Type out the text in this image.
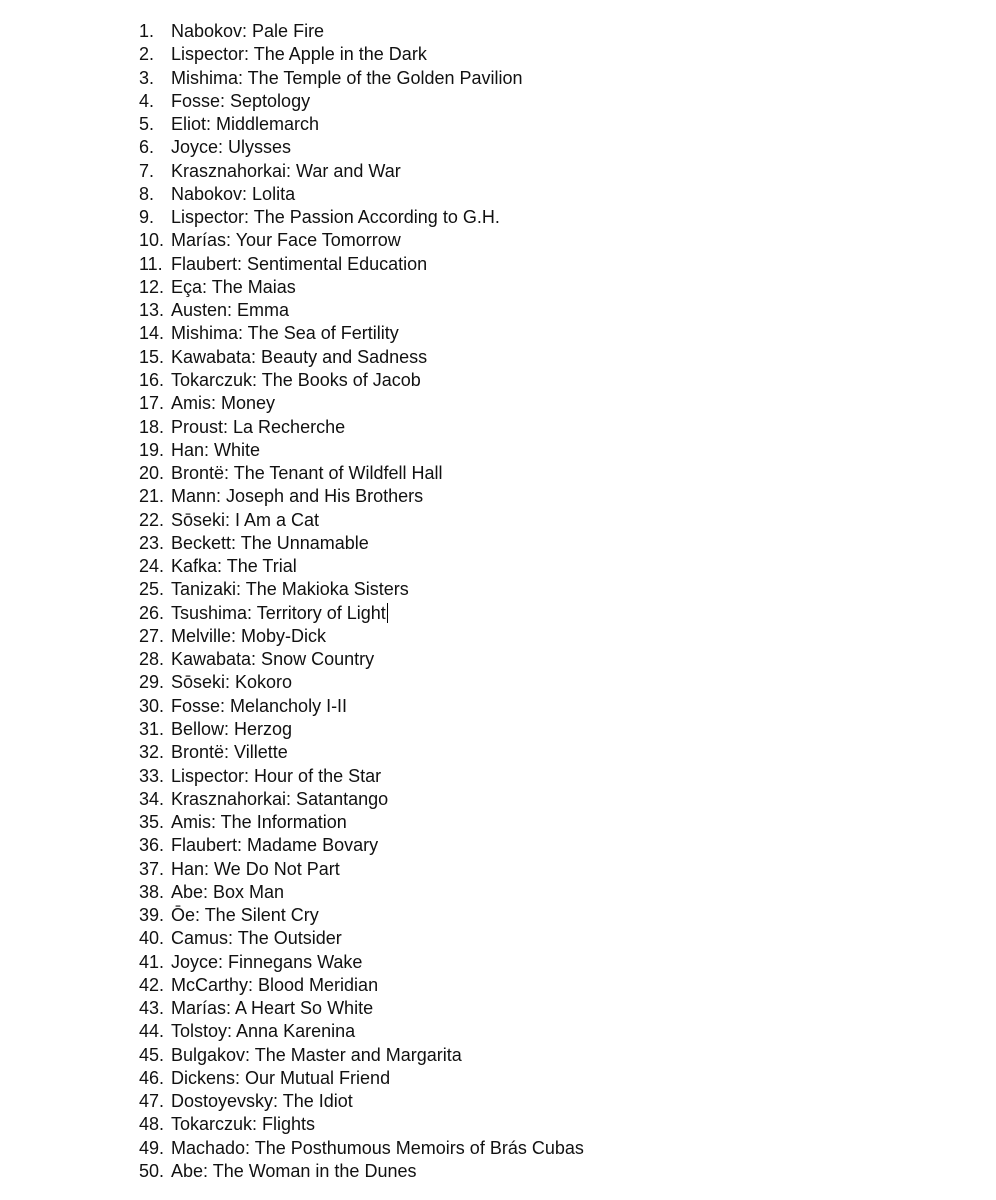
1. Nabokov: Pale Fire
2. Lispector: The Apple in the Dark
3. Mishima: The Temple of the Golden Pavilion
4. Fosse: Septology
5. Eliot: Middlemarch
6. Joyce: Ulysses
7. Krasznahorkai: War and War
8. Nabokov: Lolita
9. Lispector: The Passion According to G.H.
10. Marías: Your Face Tomorrow
11. Flaubert: Sentimental Education
12. Eça: The Maias
13. Austen: Emma
14. Mishima: The Sea of Fertility
15. Kawabata: Beauty and Sadness
16. Tokarczuk: The Books of Jacob
17. Amis: Money
18. Proust: La Recherche
19. Han: White
20. Brontë: The Tenant of Wildfell Hall
21. Mann: Joseph and His Brothers
22. Sōseki: I Am a Cat
23. Beckett: The Unnamable
24. Kafka: The Trial
25. Tanizaki: The Makioka Sisters
26. Tsushima: Territory of Light
27. Melville: Moby-Dick
28. Kawabata: Snow Country
29. Sōseki: Kokoro
30. Fosse: Melancholy I-II
31. Bellow: Herzog
32. Brontë: Villette
33. Lispector: Hour of the Star
34. Krasznahorkai: Satantango
35. Amis: The Information
36. Flaubert: Madame Bovary
37. Han: We Do Not Part
38. Abe: Box Man
39. Ōe: The Silent Cry
40. Camus: The Outsider
41. Joyce: Finnegans Wake
42. McCarthy: Blood Meridian
43. Marías: A Heart So White
44. Tolstoy: Anna Karenina
45. Bulgakov: The Master and Margarita
46. Dickens: Our Mutual Friend
47. Dostoyevsky: The Idiot
48. Tokarczuk: Flights
49. Machado: The Posthumous Memoirs of Brás Cubas
50. Abe: The Woman in the Dunes
